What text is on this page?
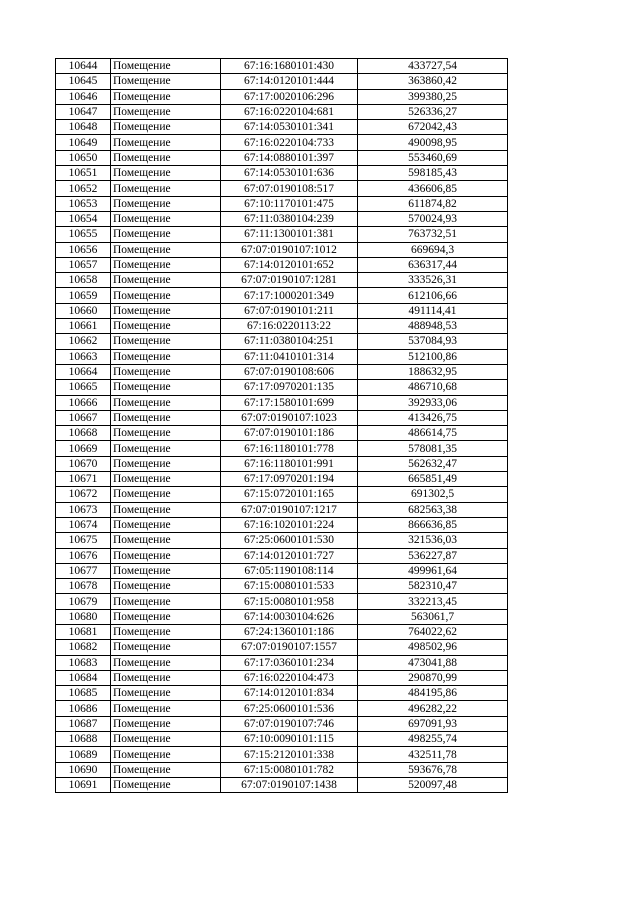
10644	Помещение	67:16:1680101:430	433727,54
10645	Помещение	67:14:0120101:444	363860,42
10646	Помещение	67:17:0020106:296	399380,25
10647	Помещение	67:16:0220104:681	526336,27
10648	Помещение	67:14:0530101:341	672042,43
10649	Помещение	67:16:0220104:733	490098,95
10650	Помещение	67:14:0880101:397	553460,69
10651	Помещение	67:14:0530101:636	598185,43
10652	Помещение	67:07:0190108:517	436606,85
10653	Помещение	67:10:1170101:475	611874,82
10654	Помещение	67:11:0380104:239	570024,93
10655	Помещение	67:11:1300101:381	763732,51
10656	Помещение	67:07:0190107:1012	669694,3
10657	Помещение	67:14:0120101:652	636317,44
10658	Помещение	67:07:0190107:1281	333526,31
10659	Помещение	67:17:1000201:349	612106,66
10660	Помещение	67:07:0190101:211	491114,41
10661	Помещение	67:16:0220113:22	488948,53
10662	Помещение	67:11:0380104:251	537084,93
10663	Помещение	67:11:0410101:314	512100,86
10664	Помещение	67:07:0190108:606	188632,95
10665	Помещение	67:17:0970201:135	486710,68
10666	Помещение	67:17:1580101:699	392933,06
10667	Помещение	67:07:0190107:1023	413426,75
10668	Помещение	67:07:0190101:186	486614,75
10669	Помещение	67:16:1180101:778	578081,35
10670	Помещение	67:16:1180101:991	562632,47
10671	Помещение	67:17:0970201:194	665851,49
10672	Помещение	67:15:0720101:165	691302,5
10673	Помещение	67:07:0190107:1217	682563,38
10674	Помещение	67:16:1020101:224	866636,85
10675	Помещение	67:25:0600101:530	321536,03
10676	Помещение	67:14:0120101:727	536227,87
10677	Помещение	67:05:1190108:114	499961,64
10678	Помещение	67:15:0080101:533	582310,47
10679	Помещение	67:15:0080101:958	332213,45
10680	Помещение	67:14:0030104:626	563061,7
10681	Помещение	67:24:1360101:186	764022,62
10682	Помещение	67:07:0190107:1557	498502,96
10683	Помещение	67:17:0360101:234	473041,88
10684	Помещение	67:16:0220104:473	290870,99
10685	Помещение	67:14:0120101:834	484195,86
10686	Помещение	67:25:0600101:536	496282,22
10687	Помещение	67:07:0190107:746	697091,93
10688	Помещение	67:10:0090101:115	498255,74
10689	Помещение	67:15:2120101:338	432511,78
10690	Помещение	67:15:0080101:782	593676,78
10691	Помещение	67:07:0190107:1438	520097,48
